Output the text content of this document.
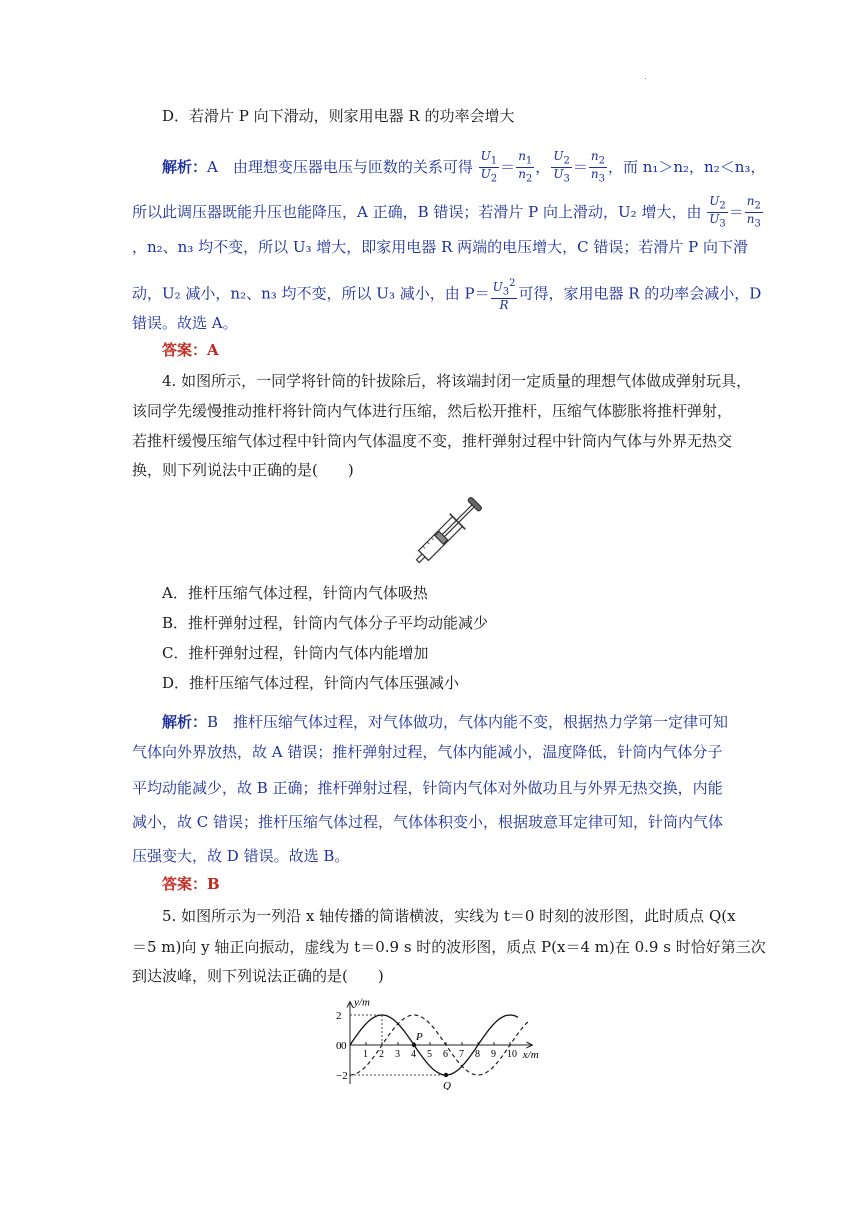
D．若滑片 P 向下滑动，则家用电器 R 的功率会增大
解析：A　 由理想变压器电压与匝数的关系可得 $\frac{U_1}{U_2} = \frac{n_1}{n_2}$ ， $\frac{U_2}{U_3} = \frac{n_2}{n_3}$ ，而 n₁＞n₂，n₂＜n₃，
所以此调压器既能升压也能降压，A 正确，B 错误；若滑片 P 向上滑动，U₂ 增大，由 $\frac{U_2}{U_3} = \frac{n_2}{n_3}$
，n₂、n₃ 均不变，所以 U₃ 增大，即家用电器 R 两端的电压增大，C 错误；若滑片 P 向下滑
动，U₂ 减小，n₂、n₃ 均不变，所以 U₃ 减小，由 $P= \frac{U_3^2}{R}$ 可得，家用电器 R 的功率会减小，D
错误。故选 A。
答案：A
4. 如图所示，一同学将针筒的针拔除后，将该端封闭一定质量的理想气体做成弹射玩具，
该同学先缓慢推动推杆将针筒内气体进行压缩，然后松开推杆，压缩气体膨胀将推杆弹射，
若推杆缓慢压缩气体过程中针筒内气体温度不变，推杆弹射过程中针筒内气体与外界无热交
换，则下列说法中正确的是(　　)
A．推杆压缩气体过程，针筒内气体吸热
B．推杆弹射过程，针筒内气体分子平均动能减少
C．推杆弹射过程，针筒内气体内能增加
D．推杆压缩气体过程，针筒内气体压强减小
解析：B　推杆压缩气体过程，对气体做功，气体内能不变，根据热力学第一定律可知
气体向外界放热，故 A 错误；推杆弹射过程，气体内能减小，温度降低，针筒内气体分子
平均动能减少，故 B 正确；推杆弹射过程，针筒内气体对外做功且与外界无热交换，内能
减小，故 C 错误；推杆压缩气体过程，气体体积变小，根据玻意耳定律可知，针筒内气体
压强变大，故 D 错误。故选 B。
答案：B
5. 如图所示为一列沿 x 轴传播的简谐横波，实线为 t＝0 时刻的波形图，此时质点 Q(x
＝5 m)向 y 轴正向振动，虚线为 t＝0.9 s 时的波形图，质点 P(x＝4 m)在 0.9 s 时恰好第三次
到达波峰，则下列说法正确的是(　　)
y/m
x/m
2
0
−2
1 2 3 4 5 6 7 8 9 10
0
P
Q
